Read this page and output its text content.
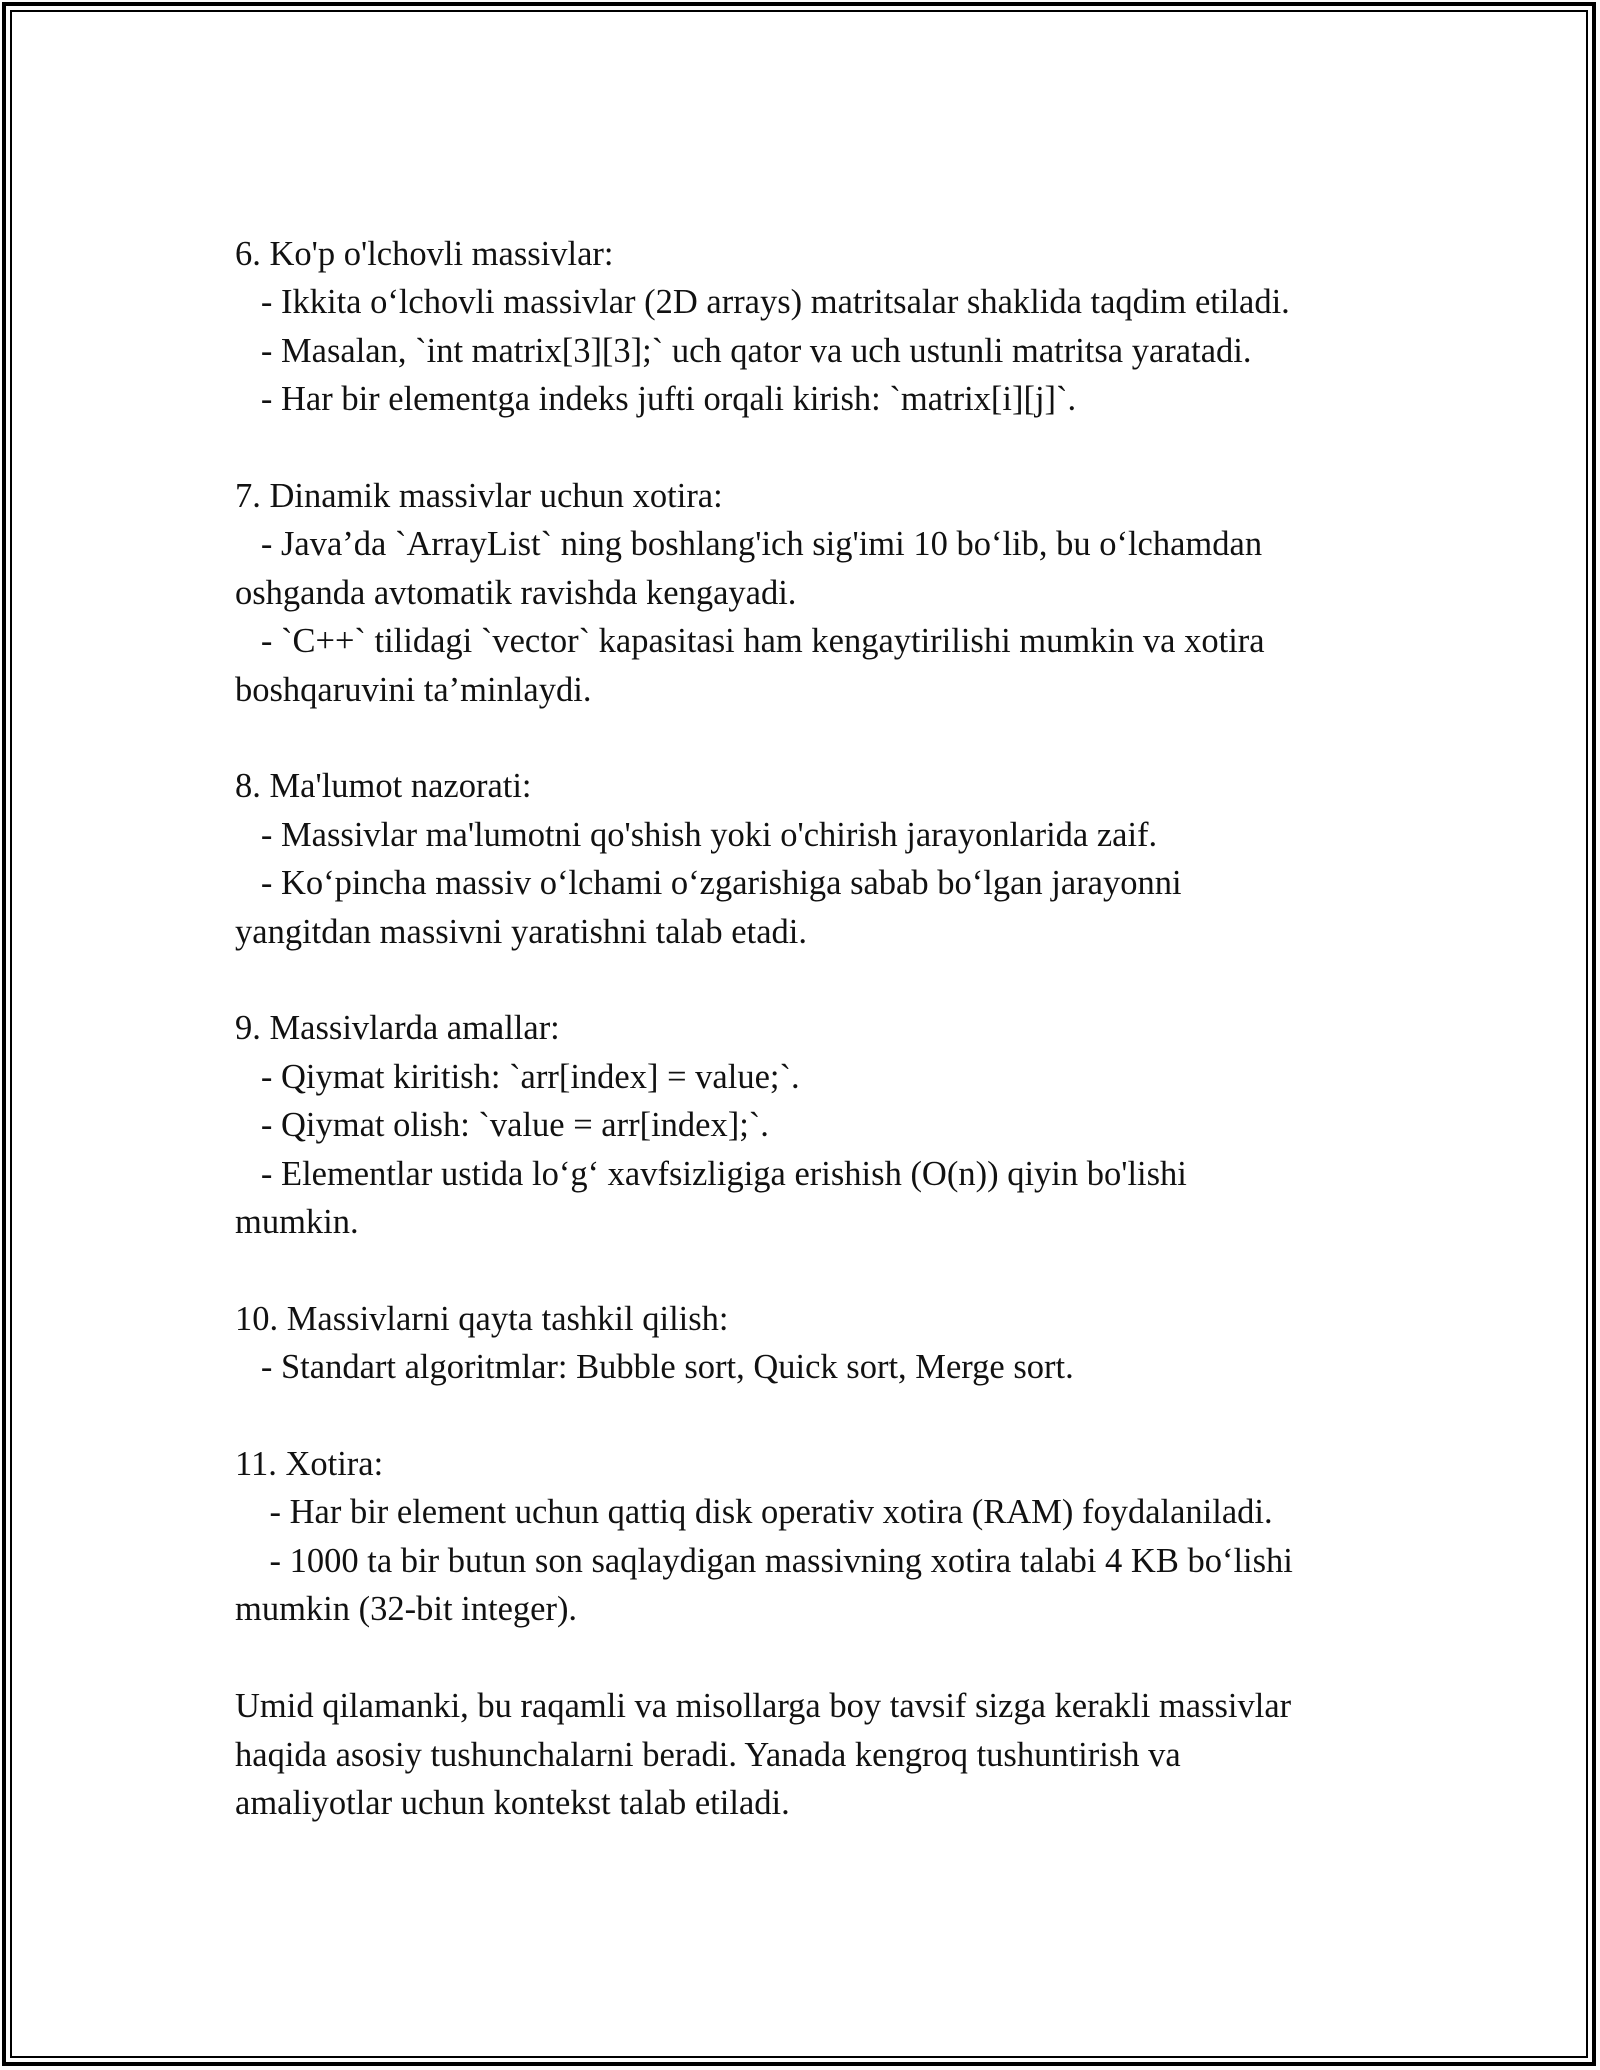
6. Ko'p o'lchovli massivlar:

- Ikkita o‘lchovli massivlar (2D arrays) matritsalar shaklida taqdim etiladi.

- Masalan, `int matrix[3][3];` uch qator va uch ustunli matritsa yaratadi.

- Har bir elementga indeks jufti orqali kirish: `matrix[i][j]`.

7. Dinamik massivlar uchun xotira:

- Java’da `ArrayList` ning boshlang'ich sig'imi 10 bo‘lib, bu o‘lchamdan

oshganda avtomatik ravishda kengayadi.

- `C++` tilidagi `vector` kapasitasi ham kengaytirilishi mumkin va xotira

boshqaruvini ta’minlaydi.

8. Ma'lumot nazorati:

- Massivlar ma'lumotni qo'shish yoki o'chirish jarayonlarida zaif.

- Ko‘pincha massiv o‘lchami o‘zgarishiga sabab bo‘lgan jarayonni

yangitdan massivni yaratishni talab etadi.

9. Massivlarda amallar:

- Qiymat kiritish: `arr[index] = value;`.

- Qiymat olish: `value = arr[index];`.

- Elementlar ustida lo‘g‘ xavfsizligiga erishish (O(n)) qiyin bo'lishi

mumkin.

10. Massivlarni qayta tashkil qilish:

- Standart algoritmlar: Bubble sort, Quick sort, Merge sort.

11. Xotira:

- Har bir element uchun qattiq disk operativ xotira (RAM) foydalaniladi.

- 1000 ta bir butun son saqlaydigan massivning xotira talabi 4 KB bo‘lishi

mumkin (32-bit integer).

Umid qilamanki, bu raqamli va misollarga boy tavsif sizga kerakli massivlar

haqida asosiy tushunchalarni beradi. Yanada kengroq tushuntirish va

amaliyotlar uchun kontekst talab etiladi.
